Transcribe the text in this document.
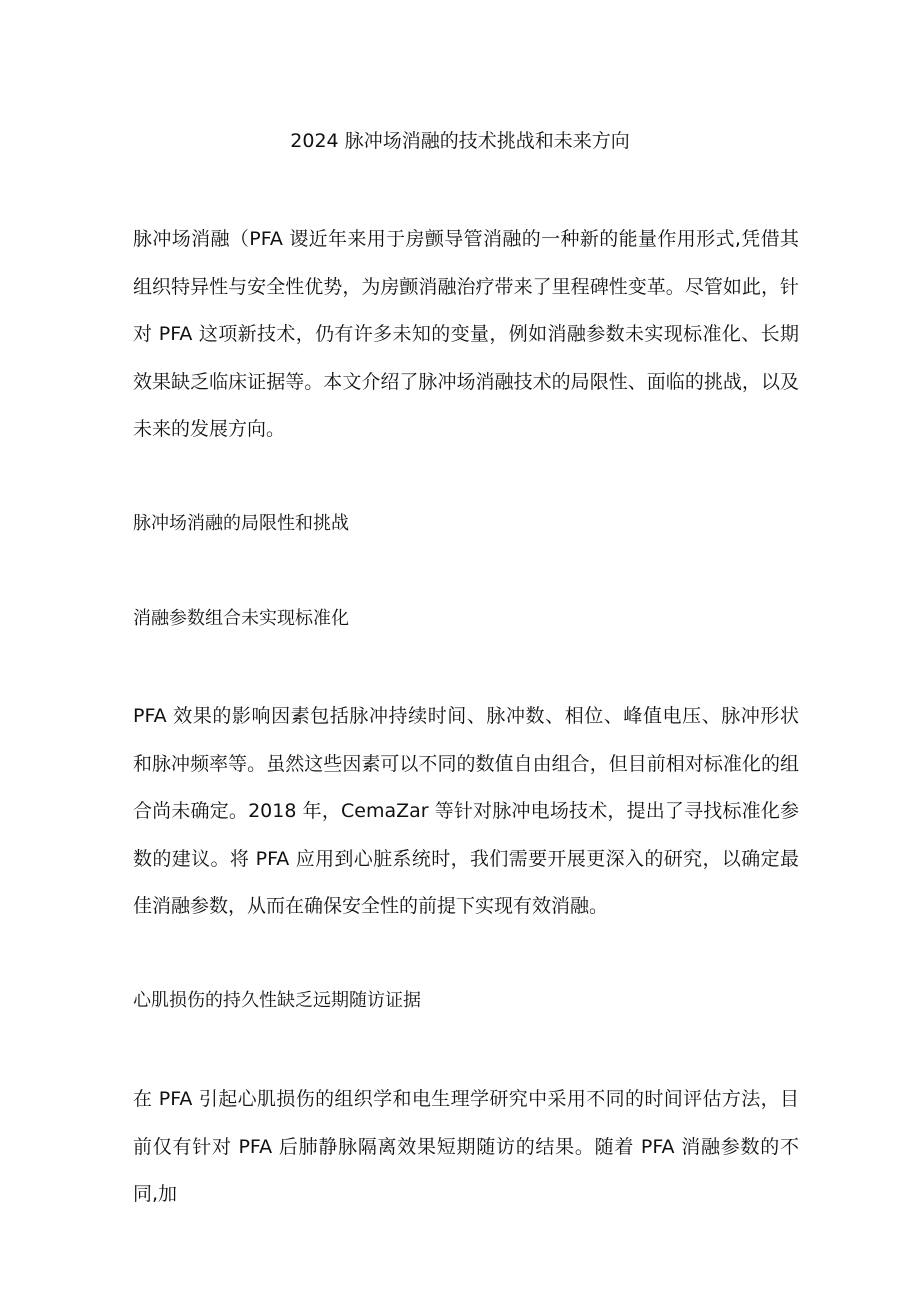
2024 脉冲场消融的技术挑战和未来方向

脉冲场消融（PFA 谡近年来用于房颤导管消融的一种新的能量作用形式,凭借其组织特异性与安全性优势，为房颤消融治疗带来了里程碑性变革。尽管如此，针对 PFA 这项新技术，仍有许多未知的变量，例如消融参数未实现标准化、长期效果缺乏临床证据等。本文介绍了脉冲场消融技术的局限性、面临的挑战，以及未来的发展方向。

脉冲场消融的局限性和挑战
消融参数组合未实现标准化

PFA 效果的影响因素包括脉冲持续时间、脉冲数、相位、峰值电压、脉冲形状和脉冲频率等。虽然这些因素可以不同的数值自由组合，但目前相对标准化的组合尚未确定。2018 年，CemaZar 等针对脉冲电场技术，提出了寻找标准化参数的建议。将 PFA 应用到心脏系统时，我们需要开展更深入的研究，以确定最佳消融参数，从而在确保安全性的前提下实现有效消融。

心肌损伤的持久性缺乏远期随访证据

在 PFA 引起心肌损伤的组织学和电生理学研究中采用不同的时间评估方法，目前仅有针对 PFA 后肺静脉隔离效果短期随访的结果。随着 PFA 消融参数的不同,加
